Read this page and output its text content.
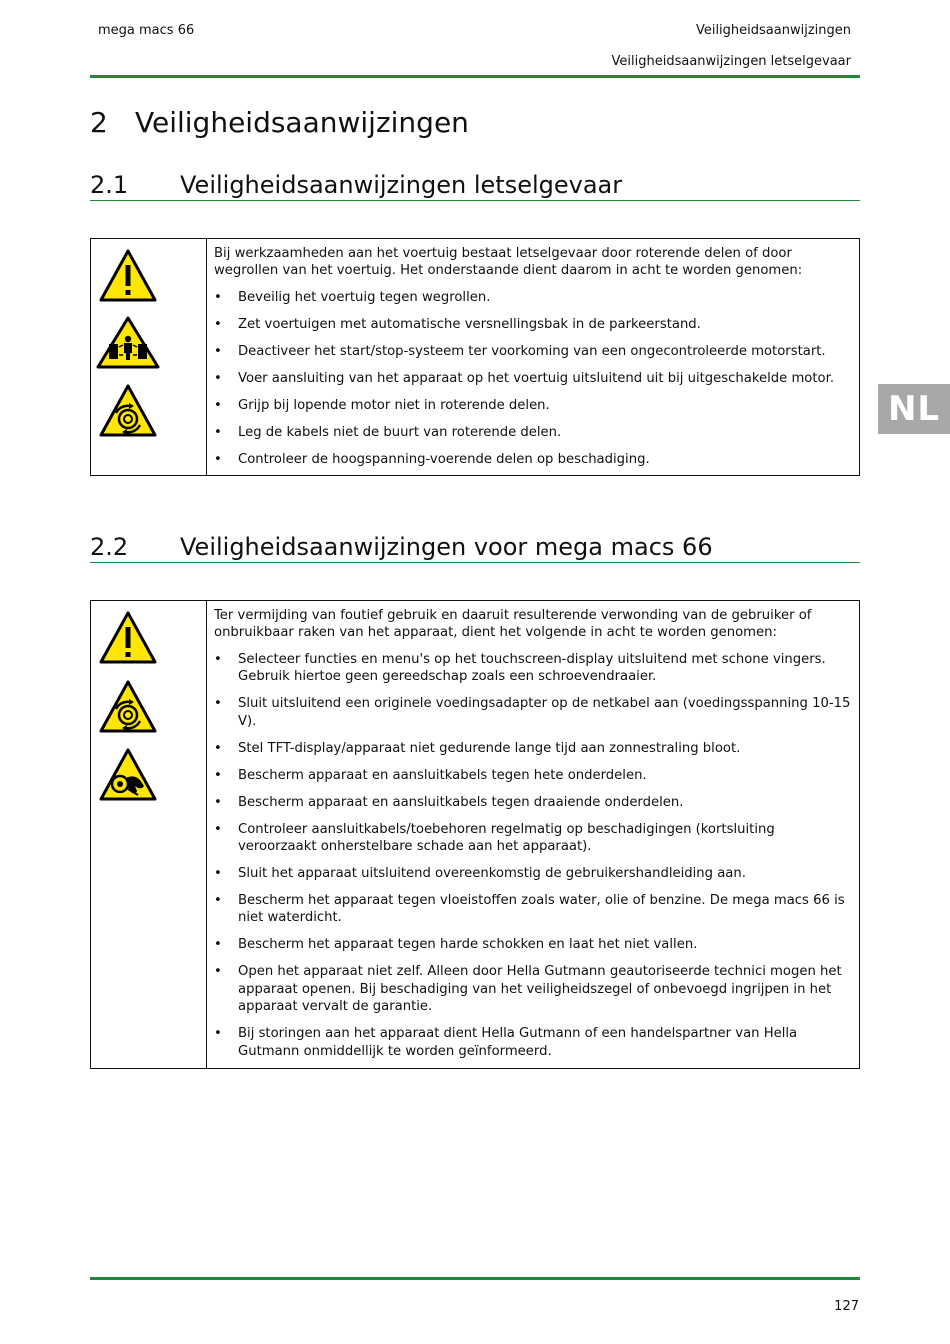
mega macs 66	Veiligheidsaanwijzingen
Veiligheidsaanwijzingen letselgevaar
2 Veiligheidsaanwijzingen
2.1 Veiligheidsaanwijzingen letselgevaar
Bij werkzaamheden aan het voertuig bestaat letselgevaar door roterende delen of door wegrollen van het voertuig. Het onderstaande dient daarom in acht te worden genomen:
•	Beveilig het voertuig tegen wegrollen.
•	Zet voertuigen met automatische versnellingsbak in de parkeerstand.
•	Deactiveer het start/stop-systeem ter voorkoming van een ongecontroleerde motorstart.
•	Voer aansluiting van het apparaat op het voertuig uitsluitend uit bij uitgeschakelde motor.
•	Grijp bij lopende motor niet in roterende delen.
•	Leg de kabels niet de buurt van roterende delen.
•	Controleer de hoogspanning-voerende delen op beschadiging.
2.2 Veiligheidsaanwijzingen voor mega macs 66
Ter vermijding van foutief gebruik en daaruit resulterende verwonding van de gebruiker of onbruikbaar raken van het apparaat, dient het volgende in acht te worden genomen:
•	Selecteer functies en menu's op het touchscreen-display uitsluitend met schone vingers. Gebruik hiertoe geen gereedschap zoals een schroevendraaier.
•	Sluit uitsluitend een originele voedingsadapter op de netkabel aan (voedingsspanning 10-15 V).
•	Stel TFT-display/apparaat niet gedurende lange tijd aan zonnestraling bloot.
•	Bescherm apparaat en aansluitkabels tegen hete onderdelen.
•	Bescherm apparaat en aansluitkabels tegen draaiende onderdelen.
•	Controleer aansluitkabels/toebehoren regelmatig op beschadigingen (kortsluiting veroorzaakt onherstelbare schade aan het apparaat).
•	Sluit het apparaat uitsluitend overeenkomstig de gebruikershandleiding aan.
•	Bescherm het apparaat tegen vloeistoffen zoals water, olie of benzine. De mega macs 66 is niet waterdicht.
•	Bescherm het apparaat tegen harde schokken en laat het niet vallen.
•	Open het apparaat niet zelf. Alleen door Hella Gutmann geautoriseerde technici mogen het apparaat openen. Bij beschadiging van het veiligheidszegel of onbevoegd ingrijpen in het apparaat vervalt de garantie.
•	Bij storingen aan het apparaat dient Hella Gutmann of een handelspartner van Hella Gutmann onmiddellijk te worden geïnformeerd.
NL
127
